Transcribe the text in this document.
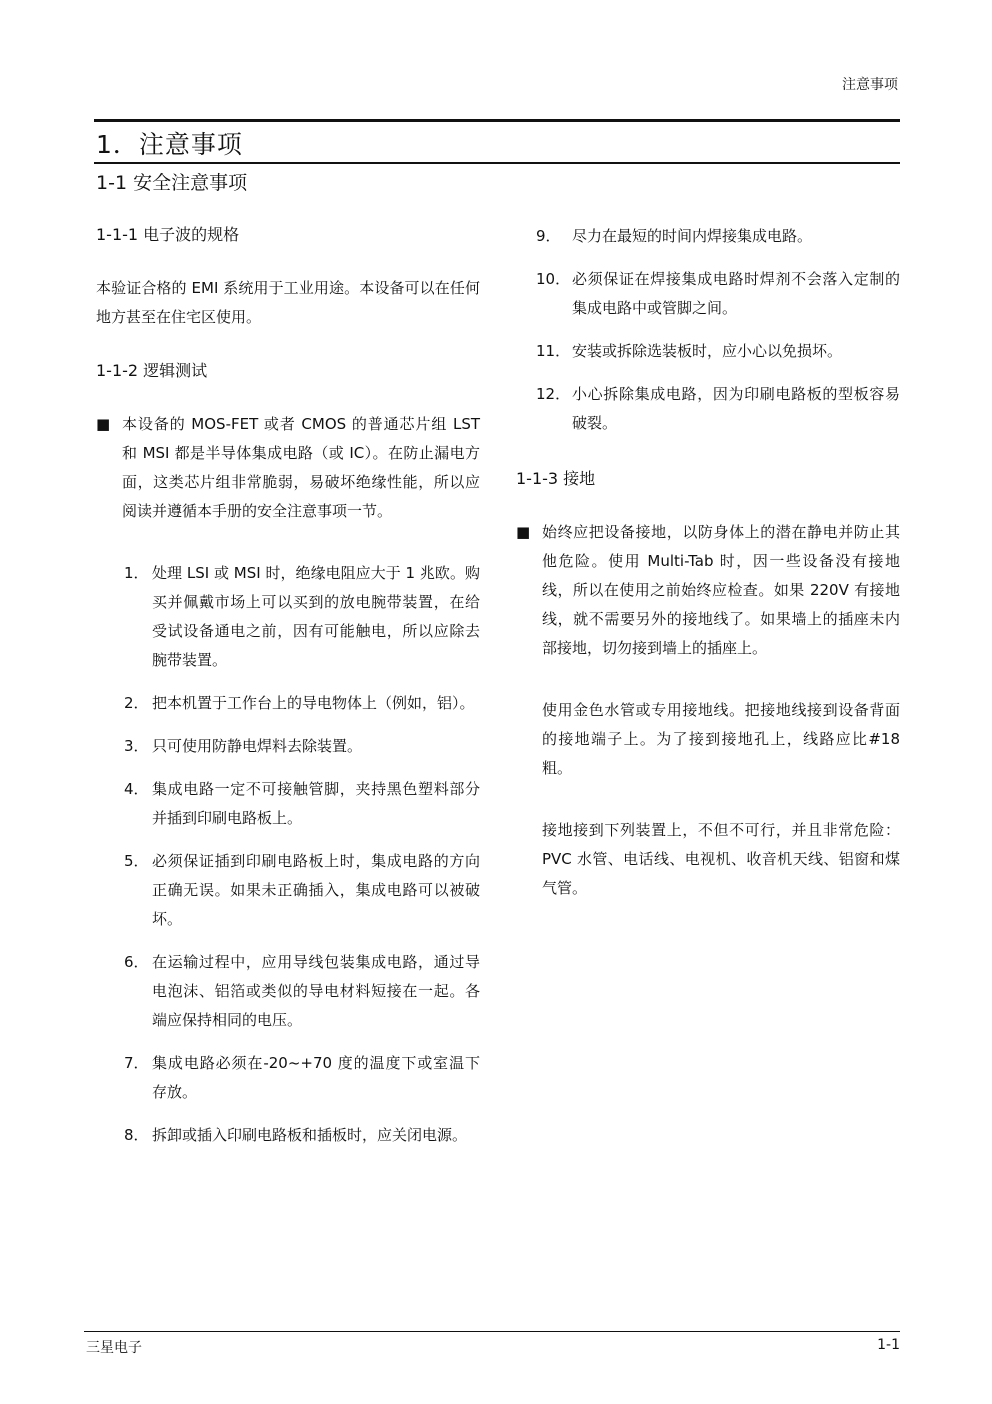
注意事项
1．注意事项
1-1 安全注意事项

1-1-1 电子波的规格

本验证合格的 EMI 系统用于工业用途。本设备可以在任何地方甚至在住宅区使用。

1-1-2 逻辑测试

■ 本设备的 MOS-FET 或者 CMOS 的普通芯片组 LST 和 MSI 都是半导体集成电路（或 IC）。在防止漏电方面，这类芯片组非常脆弱，易破坏绝缘性能，所以应阅读并遵循本手册的安全注意事项一节。
1． 处理 LSI 或 MSI 时，绝缘电阻应大于 1 兆欧。购买并佩戴市场上可以买到的放电腕带装置，在给受试设备通电之前，因有可能触电，所以应除去腕带装置。
2． 把本机置于工作台上的导电物体上（例如，铝）。
3． 只可使用防静电焊料去除装置。
4． 集成电路一定不可接触管脚，夹持黑色塑料部分并插到印刷电路板上。
5． 必须保证插到印刷电路板上时，集成电路的方向正确无误。如果未正确插入，集成电路可以被破坏。
6． 在运输过程中，应用导线包装集成电路，通过导电泡沫、铝箔或类似的导电材料短接在一起。各端应保持相同的电压。
7． 集成电路必须在-20~+70 度的温度下或室温下存放。
8． 拆卸或插入印刷电路板和插板时，应关闭电源。
9． 尽力在最短的时间内焊接集成电路。
10． 必须保证在焊接集成电路时焊剂不会落入定制的集成电路中或管脚之间。
11． 安装或拆除选装板时，应小心以免损坏。
12． 小心拆除集成电路，因为印刷电路板的型板容易破裂。

1-1-3 接地

■ 始终应把设备接地，以防身体上的潜在静电并防止其他危险。使用 Multi-Tab 时，因一些设备没有接地线，所以在使用之前始终应检查。如果 220V 有接地线，就不需要另外的接地线了。如果墙上的插座未内部接地，切勿接到墙上的插座上。

使用金色水管或专用接地线。把接地线接到设备背面的接地端子上。为了接到接地孔上，线路应比#18 粗。

接地接到下列装置上，不但不可行，并且非常危险：PVC 水管、电话线、电视机、收音机天线、铝窗和煤气管。

三星电子	1-1
